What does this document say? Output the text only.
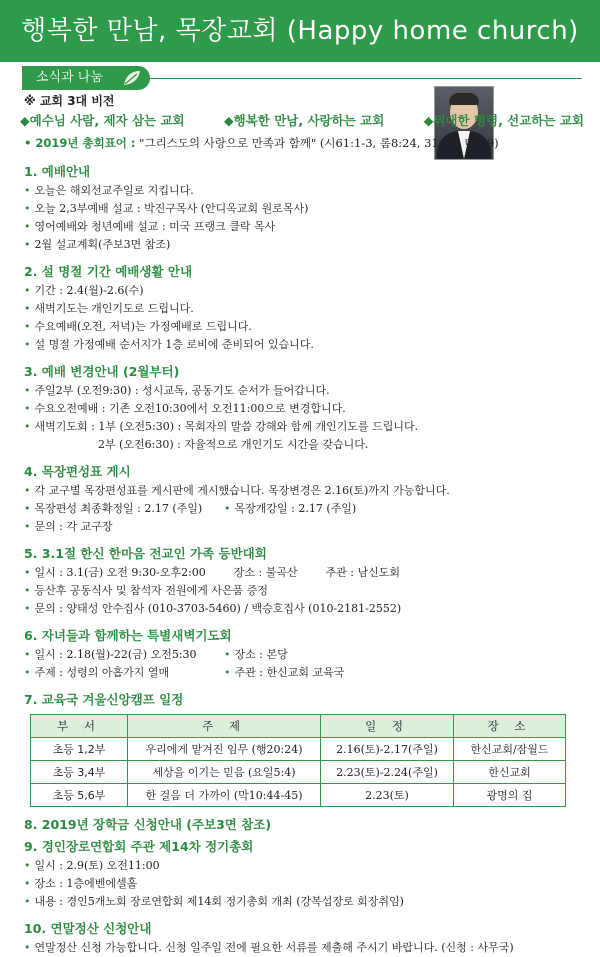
행복한 만남, 목장교회 (Happy home church)
소식과 나눔
※ 교회 3대 비전
◆예수님 사람, 제자 삼는 교회	◆행복한 만남, 사랑하는 교회	◆위대한 명령, 선교하는 교회
• 2019년 총회표어 : "그리스도의 사랑으로 만족과 함께" (시61:1-3, 롬8:24, 31-35, 마5:9)
1. 예배안내
• 오늘은 해외선교주일로 지킵니다.
• 오늘 2,3부예배 설교 : 박진구목사 (안디옥교회 원로목사)
• 영어예배와 청년예배 설교 : 미국 프랭크 클락 목사
• 2월 설교계획(주보3면 참조)
2. 설 명절 기간 예배생활 안내
• 기간 : 2.4(월)-2.6(수)
• 새벽기도는 개인기도로 드립니다.
• 수요예배(오전, 저녁)는 가정예배로 드립니다.
• 설 명절 가정예배 순서지가 1층 로비에 준비되어 있습니다.
3. 예배 변경안내 (2월부터)
• 주일2부 (오전9:30) : 성시교독, 공동기도 순서가 들어갑니다.
• 수요오전예배 : 기존 오전10:30에서 오전11:00으로 변경합니다.
• 새벽기도회 : 1부 (오전5:30) : 목회자의 말씀 강해와 함께 개인기도를 드립니다.
2부 (오전6:30) : 자율적으로 개인기도 시간을 갖습니다.
4. 목장편성표 게시
• 각 교구별 목장편성표를 게시판에 게시했습니다. 목장변경은 2.16(토)까지 가능합니다.
• 목장편성 최종확정일 : 2.17 (주일)	• 목장개강일 : 2.17 (주일)
• 문의 : 각 교구장
5. 3.1절 한신 한마음 전교인 가족 등반대회
• 일시 : 3.1(금) 오전 9:30-오후2:00        장소 : 불곡산        주관 : 남신도회
• 등산후 공동식사 및 참석자 전원에게 사은품 증정
• 문의 : 양태성 안수집사 (010-3703-5460) / 백승호집사 (010-2181-2552)
6. 자녀들과 함께하는 특별새벽기도회
• 일시 : 2.18(월)-22(금) 오전5:30	• 장소 : 본당
• 주제 : 성령의 아홉가지 열매	• 주관 : 한신교회 교육국
7. 교육국 겨울신앙캠프 일정
부 서	주 제	일 정	장 소
초등 1,2부	우리에게 맡겨진 임무 (행20:24)	2.16(토)-2.17(주일)	한신교회/잠월드
초등 3,4부	세상을 이기는 믿음 (요일5:4)	2.23(토)-2.24(주일)	한신교회
초등 5,6부	한 걸음 더 가까이 (막10:44-45)	2.23(토)	광명의 집
8. 2019년 장학금 신청안내 (주보3면 참조)
9. 경인장로연합회 주관 제14차 정기총회
• 일시 : 2.9(토) 오전11:00
• 장소 : 1층에벤에셀홀
• 내용 : 경인5개노회 장로연합회 제14회 정기총회 개최 (강복섭장로 회장취임)
10. 연말정산 신청안내
• 연말정산 신청 가능합니다. 신청 일주일 전에 필요한 서류를 제출해 주시기 바랍니다. (신청 : 사무국)
